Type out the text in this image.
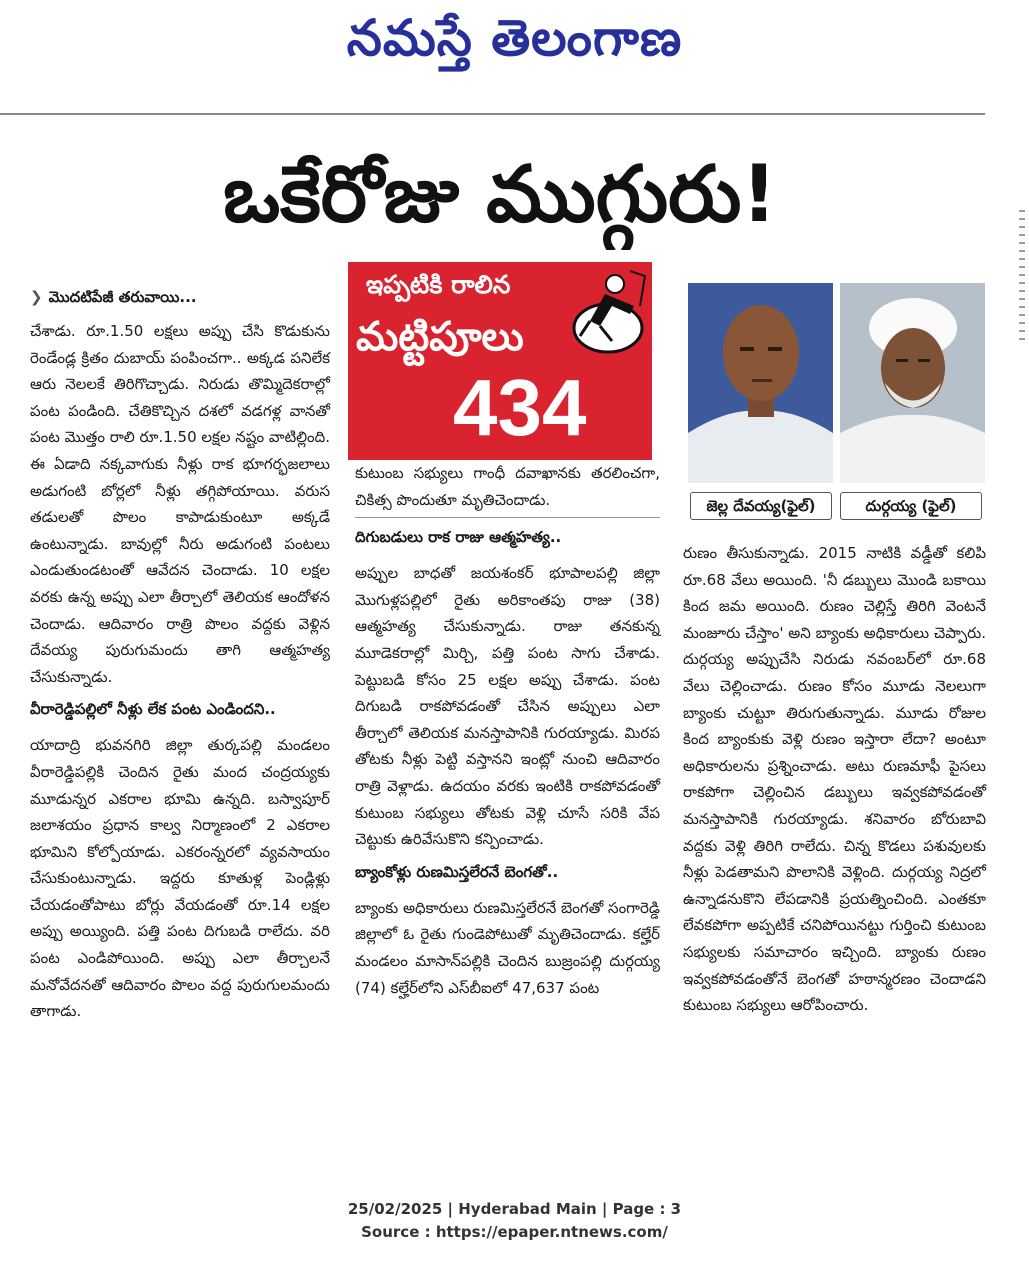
నమస్తే తెలంగాణ
ఒకేరోజు ముగ్గురు!
❯ మొదటిపేజీ తరువాయి...

చేశాడు. రూ.1.50 లక్షలు అప్పు చేసి కొడుకును రెండేండ్ల క్రితం దుబాయ్ పంపించగా.. అక్కడ పనిలేక ఆరు నెలలకే తిరిగొచ్చాడు. నిరుడు తొమ్మిదెకరాల్లో పంట పండింది. చేతికొచ్చిన దశలో వడగళ్ల వానతో పంట మొత్తం రాలి రూ.1.50 లక్షల నష్టం వాటిల్లింది. ఈ ఏడాది నక్కవాగుకు నీళ్లు రాక భూగర్భజలాలు అడుగంటి బోర్లలో నీళ్లు తగ్గిపోయాయి. వరుస తడులతో పొలం కాపాడుకుంటూ అక్కడే ఉంటున్నాడు. బావుల్లో నీరు అడుగంటి పంటలు ఎండుతుండటంతో ఆవేదన చెందాడు. 10 లక్షల వరకు ఉన్న అప్పు ఎలా తీర్చాలో తెలియక ఆందోళన చెందాడు. ఆదివారం రాత్రి పొలం వద్దకు వెళ్లిన దేవయ్య పురుగుమందు తాగి ఆత్మహత్య చేసుకున్నాడు.

వీరారెడ్డిపల్లిలో నీళ్లు లేక పంట ఎండిందని..

యాదాద్రి భువనగిరి జిల్లా తుర్కపల్లి మండలం వీరారెడ్డిపల్లికి చెందిన రైతు మంద చంద్రయ్యకు మూడున్నర ఎకరాల భూమి ఉన్నది. బస్వాపూర్ జలాశయం ప్రధాన కాల్వ నిర్మాణంలో 2 ఎకరాల భూమిని కోల్పోయాడు. ఎకరంన్నరలో వ్యవసాయం చేసుకుంటున్నాడు. ఇద్దరు కూతుళ్ల పెండ్లిళ్లు చేయడంతోపాటు బోర్లు వేయడంతో రూ.14 లక్షల అప్పు అయ్యింది. పత్తి పంట దిగుబడి రాలేదు. వరి పంట ఎండిపోయింది. అప్పు ఎలా తీర్చాలనే మనోవేదనతో ఆదివారం పొలం వద్ద పురుగులమందు తాగాడు.

ఇప్పటికి రాలిన
మట్టిపూలు
434

కుటుంబ సభ్యులు గాంధీ దవాఖానకు తరలించగా, చికిత్స పొందుతూ మృతిచెందాడు.

దిగుబడులు రాక రాజు ఆత్మహత్య..

అప్పుల బాధతో జయశంకర్ భూపాలపల్లి జిల్లా మొగుళ్లపల్లిలో రైతు అరికాంతపు రాజు (38) ఆత్మహత్య చేసుకున్నాడు. రాజు తనకున్న మూడెకరాల్లో మిర్చి, పత్తి పంట సాగు చేశాడు. పెట్టుబడి కోసం 25 లక్షల అప్పు చేశాడు. పంట దిగుబడి రాకపోవడంతో చేసిన అప్పులు ఎలా తీర్చాలో తెలియక మనస్తాపానికి గురయ్యాడు. మిరప తోటకు నీళ్లు పెట్టి వస్తానని ఇంట్లో నుంచి ఆదివారం రాత్రి వెళ్లాడు. ఉదయం వరకు ఇంటికి రాకపోవడంతో కుటుంబ సభ్యులు తోటకు వెళ్లి చూసే సరికి వేప చెట్టుకు ఉరివేసుకొని కన్పించాడు.

బ్యాంకోళ్లు రుణమిస్తలేరనే బెంగతో..

బ్యాంకు అధికారులు రుణమిస్తలేరనే బెంగతో సంగారెడ్డి జిల్లాలో ఓ రైతు గుండెపోటుతో మృతిచెందాడు. కల్హేర్ మండలం మాసాన్‌పల్లికి చెందిన బుజ్రంపల్లి దుర్గయ్య (74) కల్హేర్‌లోని ఎస్‌బీఐలో 47,637 పంట

జెల్ల దేవయ్య(ఫైల్)	దుర్గయ్య (ఫైల్)

రుణం తీసుకున్నాడు. 2015 నాటికి వడ్డీతో కలిపి రూ.68 వేలు అయింది. 'నీ డబ్బులు మొండి బకాయి కింద జమ అయింది. రుణం చెల్లిస్తే తిరిగి వెంటనే మంజూరు చేస్తాం' అని బ్యాంకు అధికారులు చెప్పారు. దుర్గయ్య అప్పుచేసి నిరుడు నవంబర్‌లో రూ.68 వేలు చెల్లించాడు. రుణం కోసం మూడు నెలలుగా బ్యాంకు చుట్టూ తిరుగుతున్నాడు. మూడు రోజుల కింద బ్యాంకుకు వెళ్లి రుణం ఇస్తారా లేదా? అంటూ అధికారులను ప్రశ్నించాడు. అటు రుణమాఫీ పైసలు రాకపోగా చెల్లించిన డబ్బులు ఇవ్వకపోవడంతో మనస్తాపానికి గురయ్యాడు. శనివారం బోరుబావి వద్దకు వెళ్లి తిరిగి రాలేదు. చిన్న కొడలు పశువులకు నీళ్లు పెడతామని పొలానికి వెళ్లింది. దుర్గయ్య నిద్రలో ఉన్నాడనుకొని లేపడానికి ప్రయత్నించింది. ఎంతకూ లేవకపోగా అప్పటికే చనిపోయినట్టు గుర్తించి కుటుంబ సభ్యులకు సమాచారం ఇచ్చింది. బ్యాంకు రుణం ఇవ్వకపోవడంతోనే బెంగతో హఠాన్మరణం చెందాడని కుటుంబ సభ్యులు ఆరోపించారు.

25/02/2025 | Hyderabad Main | Page : 3
Source : https://epaper.ntnews.com/
